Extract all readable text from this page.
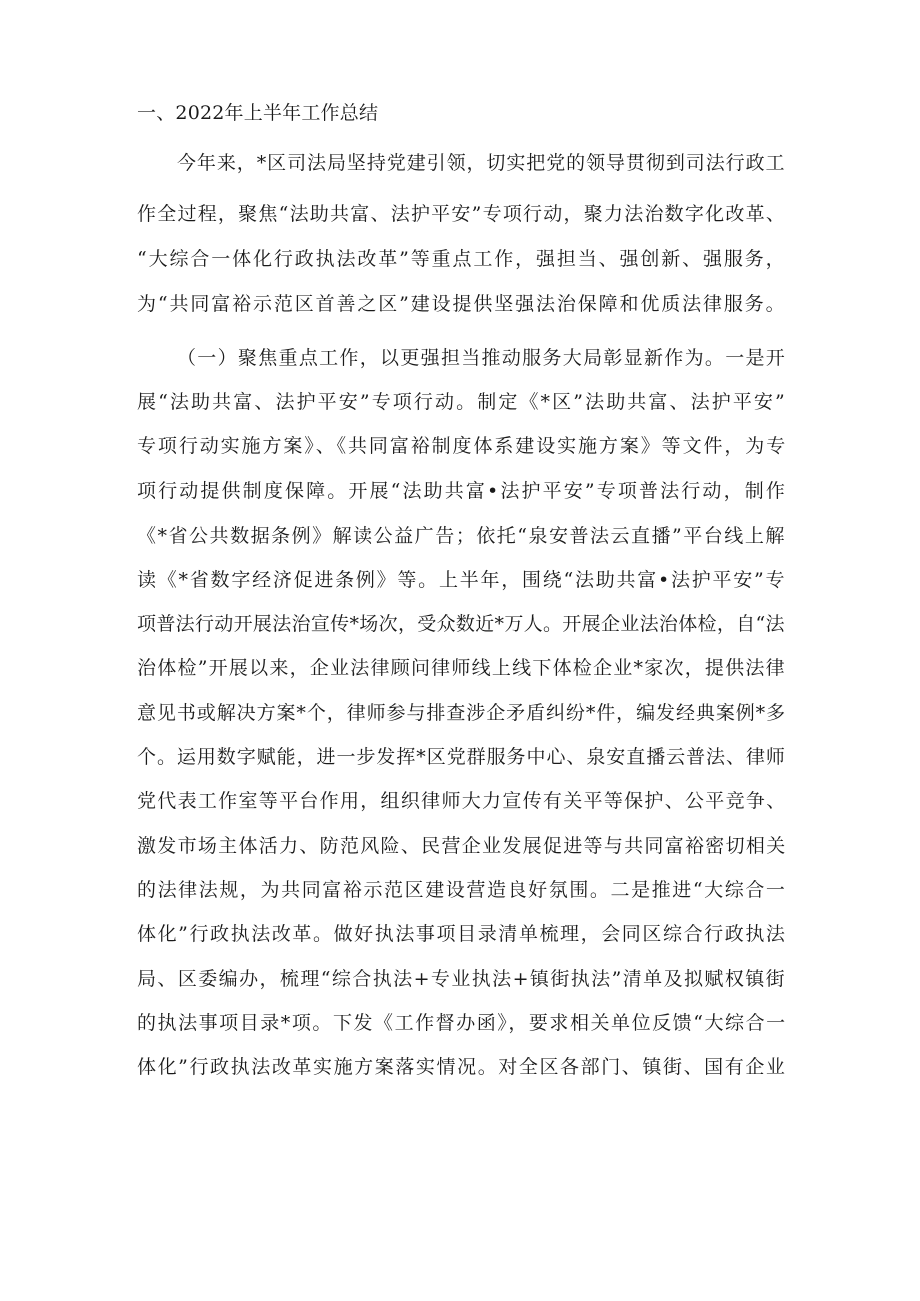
一、2022年上半年工作总结
今年来，*区司法局坚持党建引领，切实把党的领导贯彻到司法行政工
作全过程，聚焦“法助共富、法护平安”专项行动，聚力法治数字化改革、
“大综合一体化行政执法改革”等重点工作，强担当、强创新、强服务，
为“共同富裕示范区首善之区”建设提供坚强法治保障和优质法律服务。
（一）聚焦重点工作，以更强担当推动服务大局彰显新作为。一是开
展“法助共富、法护平安”专项行动。制定《*区”法助共富、法护平安”
专项行动实施方案》、《共同富裕制度体系建设实施方案》等文件，为专
项行动提供制度保障。开展“法助共富•法护平安”专项普法行动，制作
《*省公共数据条例》解读公益广告；依托“泉安普法云直播”平台线上解
读《*省数字经济促进条例》等。上半年，围绕“法助共富•法护平安”专
项普法行动开展法治宣传*场次，受众数近*万人。开展企业法治体检，自“法
治体检”开展以来，企业法律顾问律师线上线下体检企业*家次，提供法律
意见书或解决方案*个，律师参与排查涉企矛盾纠纷*件，编发经典案例*多
个。运用数字赋能，进一步发挥*区党群服务中心、泉安直播云普法、律师
党代表工作室等平台作用，组织律师大力宣传有关平等保护、公平竞争、
激发市场主体活力、防范风险、民营企业发展促进等与共同富裕密切相关
的法律法规，为共同富裕示范区建设营造良好氛围。二是推进“大综合一
体化”行政执法改革。做好执法事项目录清单梳理，会同区综合行政执法
局、区委编办，梳理“综合执法+专业执法+镇街执法”清单及拟赋权镇街
的执法事项目录*项。下发《工作督办函》，要求相关单位反馈“大综合一
体化”行政执法改革实施方案落实情况。对全区各部门、镇街、国有企业
